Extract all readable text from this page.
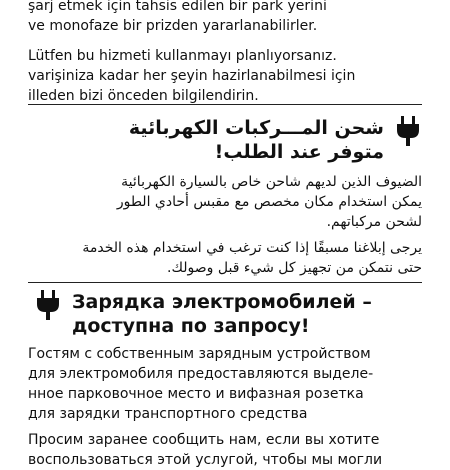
şarj etmek için tahsis edilen bir park yerini

ve monofaze bir prizden yararlanabilirler.

Lütfen bu hizmeti kullanmayı planlıyorsanız.

varişiniza kadar her şeyin hazirlanabilmesi için

illeden bizi önceden bilgilendirin.

شحن المـــركبات الكهربائية
متوفر عند الطلب!

الضيوف الذين لديهم شاحن خاص بالسيارة الكهربائية

يمكن استخدام مكان مخصص مع مقبس أحادي الطور

لشحن مركباتهم.

يرجى إبلاغنا مسبقًا إذا كنت ترغب في استخدام هذه الخدمة

حتى نتمكن من تجهيز كل شيء قبل وصولك.

Зарядка электромобилей –
доступна по запросу!

Гостям с собственным зарядным устройством

для электромобиля предоставляются выделе-

нное парковочное место и вифазная розетка

для зарядки транспортного средства

Просим заранее сообщить нам, если вы хотите

воспользоваться этой услугой, чтобы мы могли
